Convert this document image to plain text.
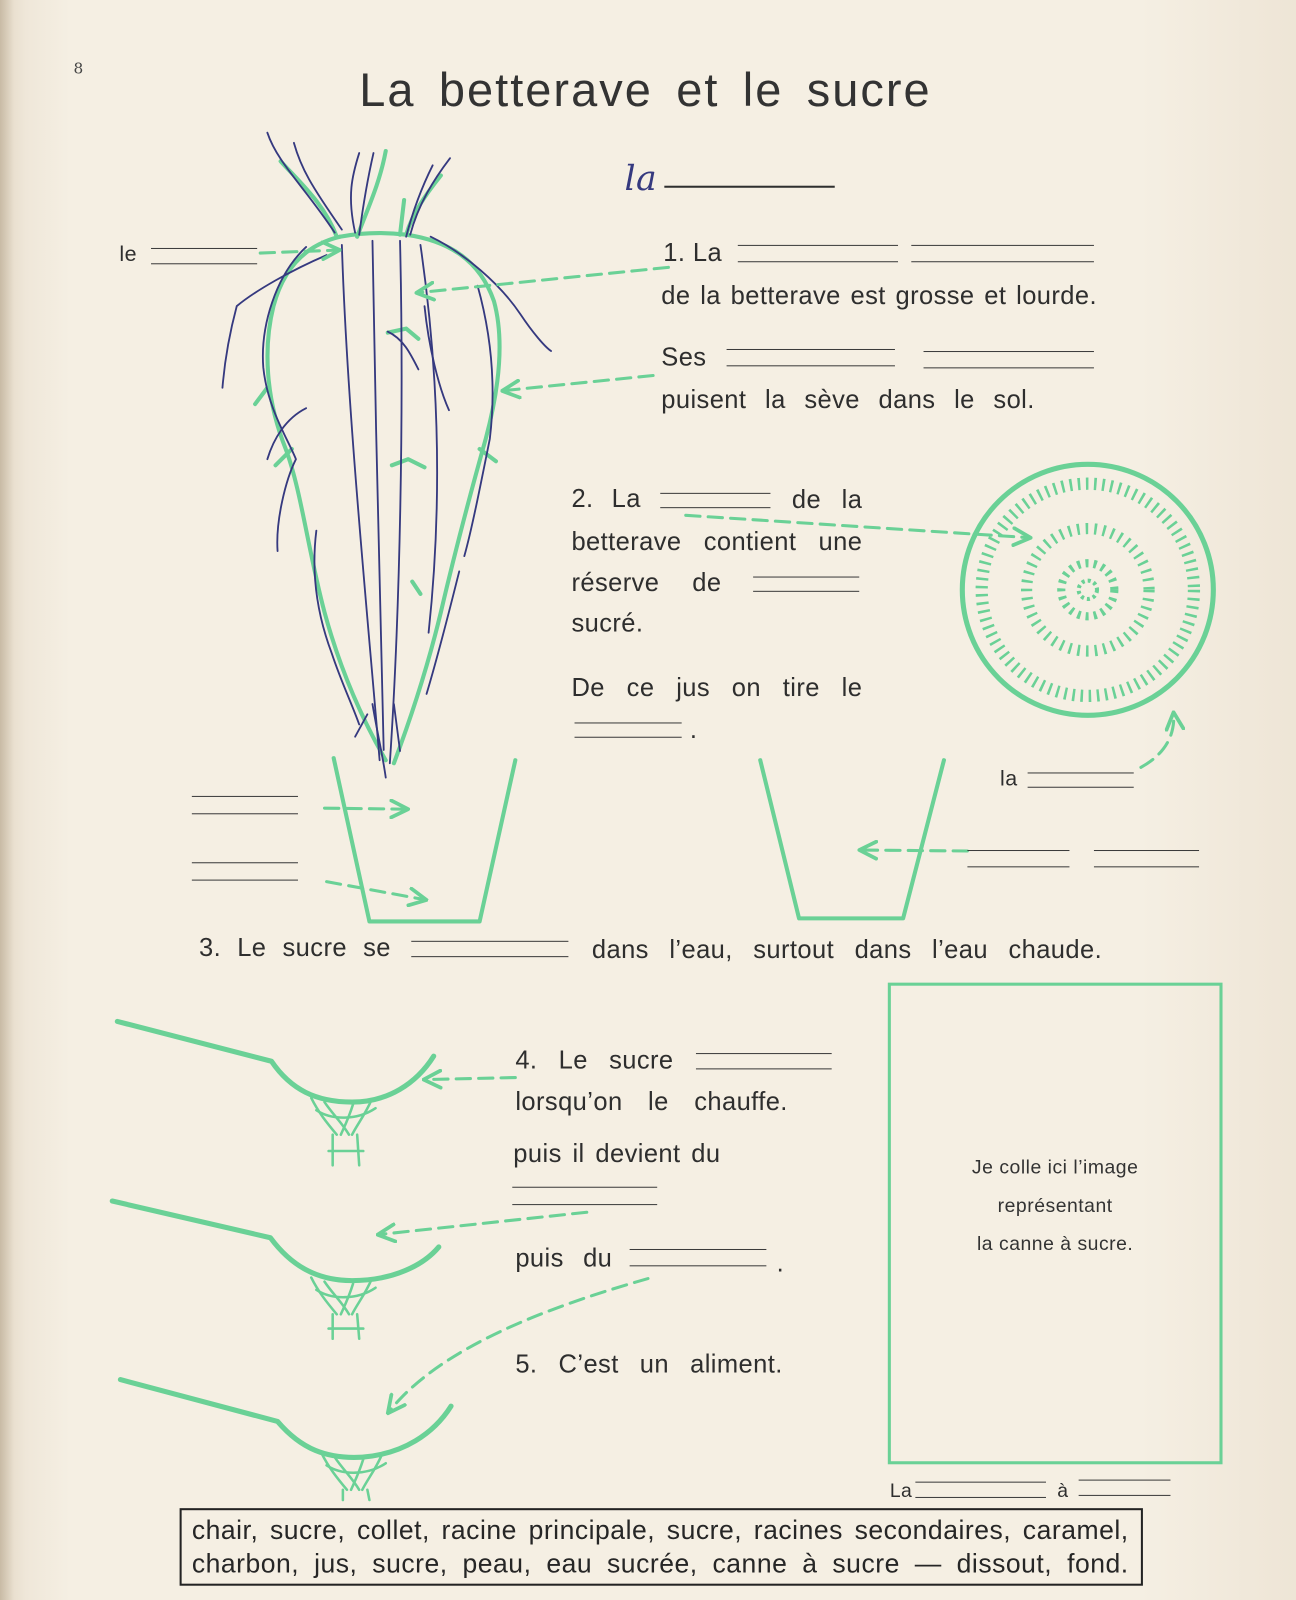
8	La betterave et le sucre
la
le	1. La
de la betterave est grosse et lourde.
Ses
puisent la sève dans le sol.
2. La	de la
betterave contient une
réserve de
sucré.
De ce jus on tire le
.
la
3. Le sucre se	dans l’eau, surtout dans l’eau chaude.
4. Le sucre
lorsqu’on le chauffe.
puis il devient du
puis du	.
5. C’est un aliment.
Je colle ici l’image
représentant
la canne à sucre.
La	à
chair, sucre, collet, racine principale, sucre, racines secondaires, caramel,
charbon, jus, sucre, peau, eau sucrée, canne à sucre — dissout, fond.
